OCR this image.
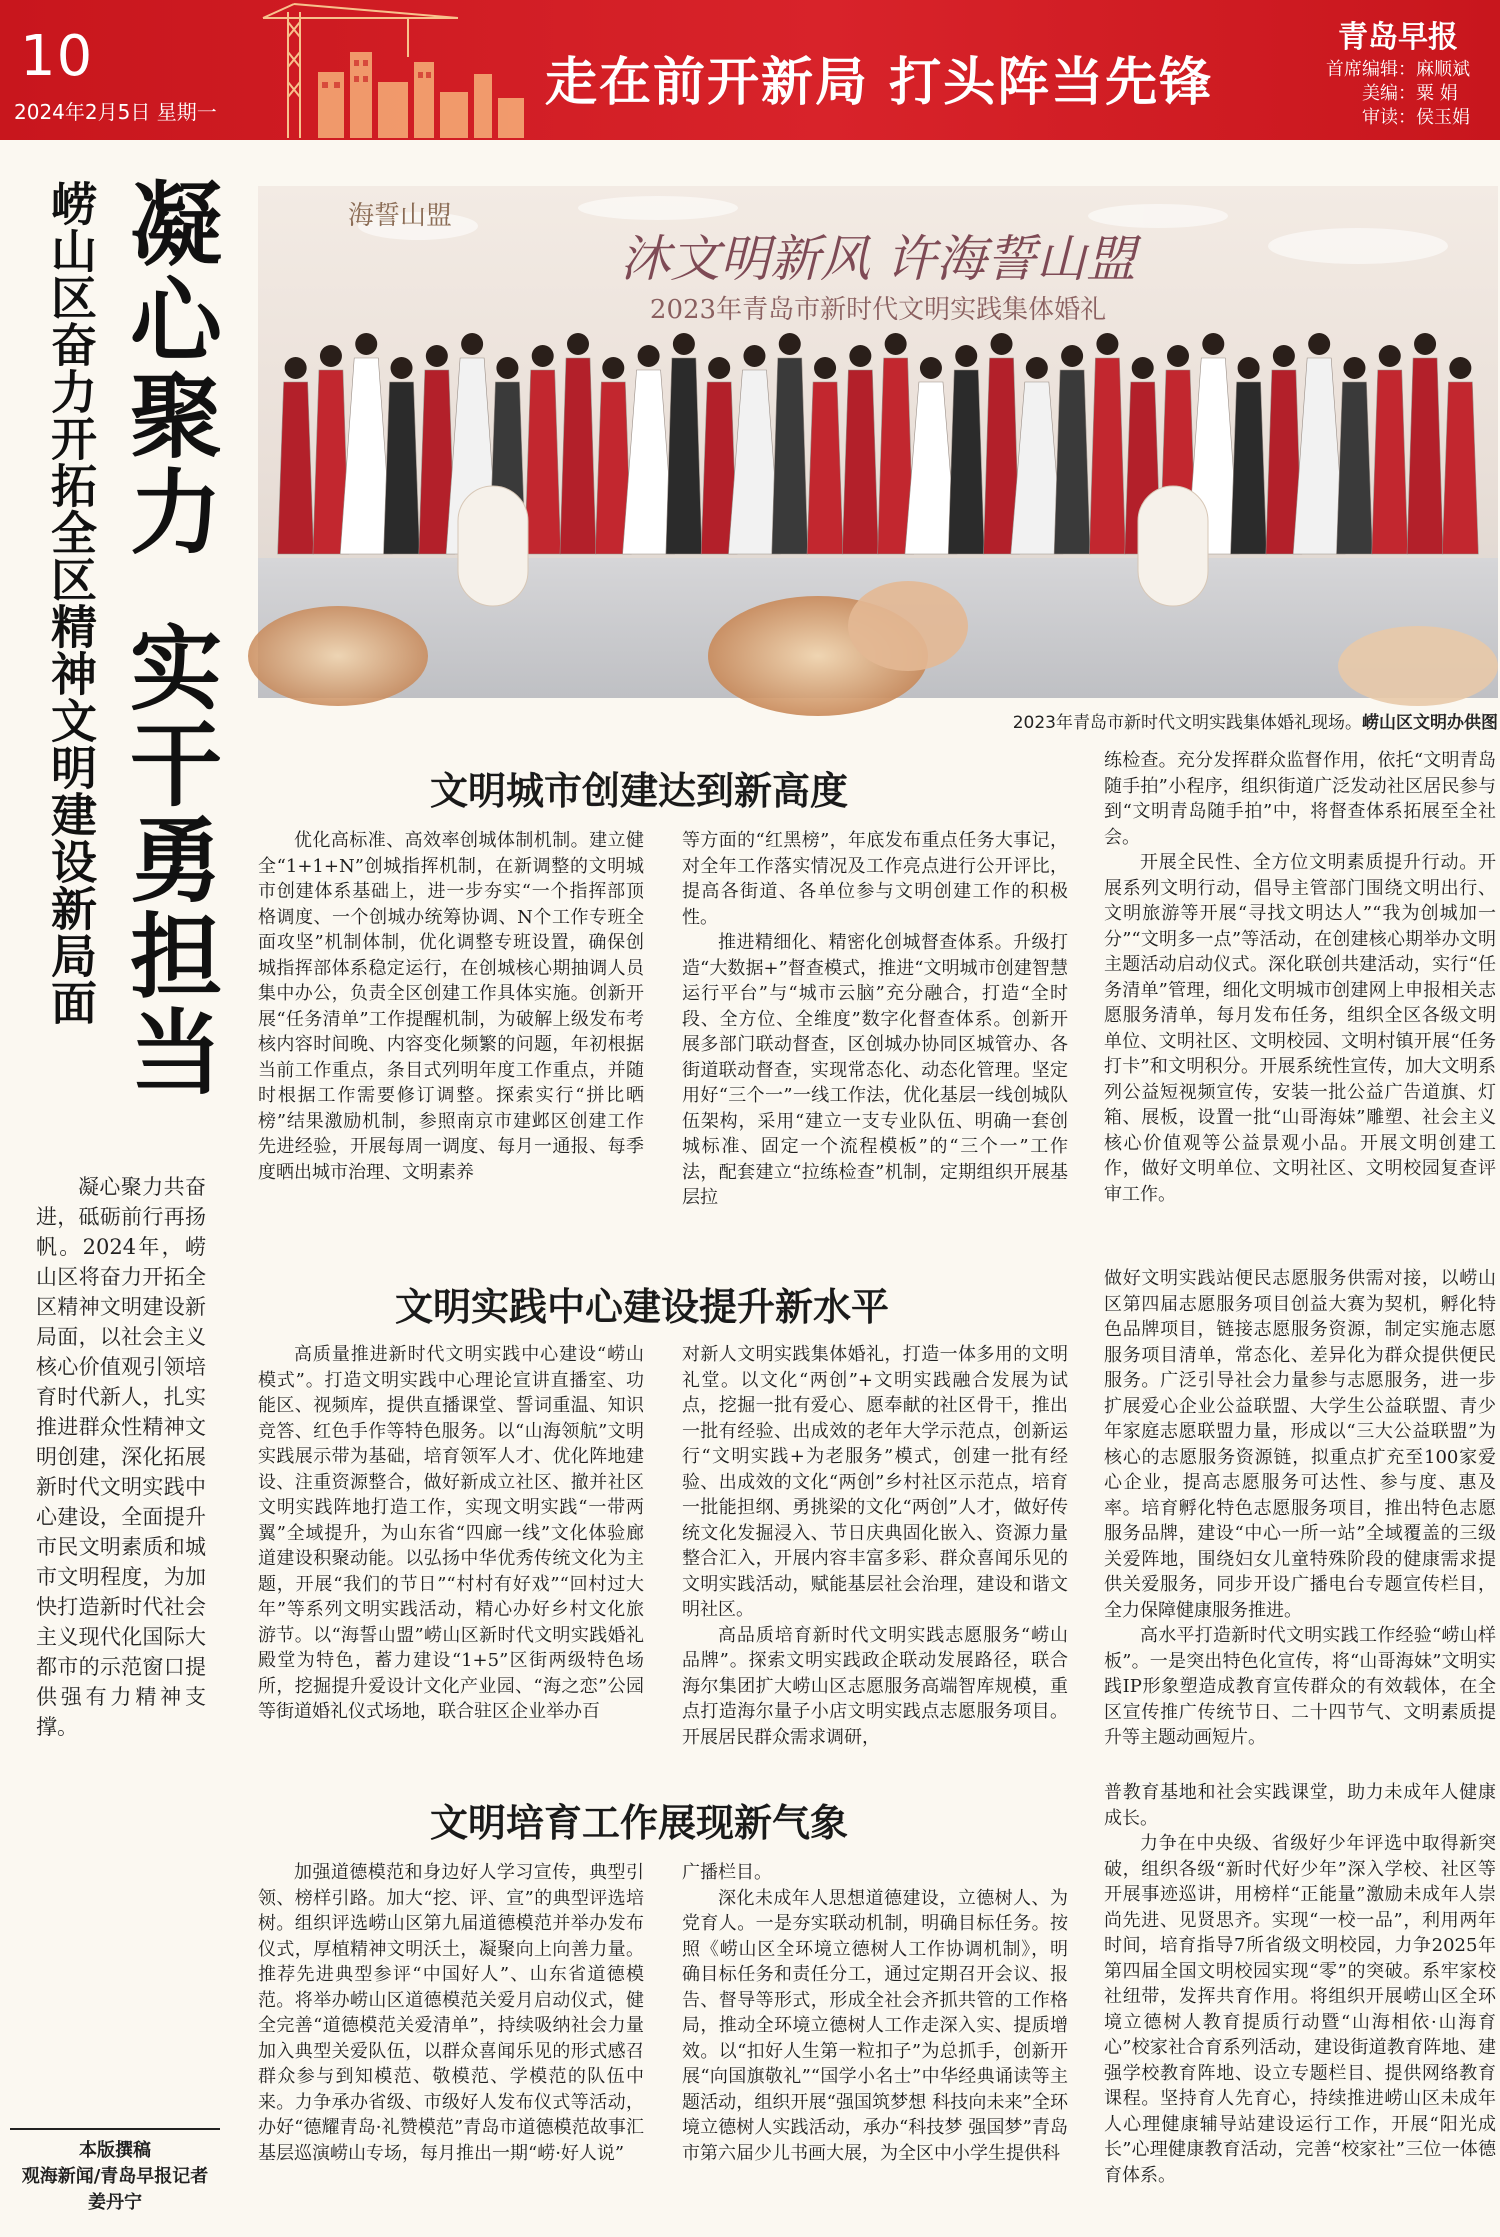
10
2024年2月5日 星期一	走在前开新局 打头阵当先锋
青岛早报
首席编辑：麻顺斌
美编：粟 娟
审读：侯玉娟
凝心聚力实干勇担当
崂山区奋力开拓全区精神文明建设新局面
凝心聚力共奋进，砥砺前行再扬帆。2024年，崂山区将奋力开拓全区精神文明建设新局面，以社会主义核心价值观引领培育时代新人，扎实推进群众性精神文明创建，深化拓展新时代文明实践中心建设，全面提升市民文明素质和城市文明程度，为加快打造新时代社会主义现代化国际大都市的示范窗口提供强有力精神支撑。
本版撰稿
观海新闻/青岛早报记者
姜丹宁
海誓山盟
沐文明新风 许海誓山盟
2023年青岛市新时代文明实践集体婚礼
2023年青岛市新时代文明实践集体婚礼现场。崂山区文明办供图
文明城市创建达到新高度

优化高标准、高效率创城体制机制。建立健全“1+1+N”创城指挥机制，在新调整的文明城市创建体系基础上，进一步夯实“一个指挥部顶格调度、一个创城办统筹协调、N个工作专班全面攻坚”机制体制，优化调整专班设置，确保创城指挥部体系稳定运行，在创城核心期抽调人员集中办公，负责全区创建工作具体实施。创新开展“任务清单”工作提醒机制，为破解上级发布考核内容时间晚、内容变化频繁的问题，年初根据当前工作重点，条目式列明年度工作重点，并随时根据工作需要修订调整。探索实行“拼比晒榜”结果激励机制，参照南京市建邺区创建工作先进经验，开展每周一调度、每月一通报、每季度晒出城市治理、文明素养

等方面的“红黑榜”，年底发布重点任务大事记，对全年工作落实情况及工作亮点进行公开评比，提高各街道、各单位参与文明创建工作的积极性。

推进精细化、精密化创城督查体系。升级打造“大数据+”督查模式，推进“文明城市创建智慧运行平台”与“城市云脑”充分融合，打造“全时段、全方位、全维度”数字化督查体系。创新开展多部门联动督查，区创城办协同区城管办、各街道联动督查，实现常态化、动态化管理。坚定用好“三个一”一线工作法，优化基层一线创城队伍架构，采用“建立一支专业队伍、明确一套创城标准、固定一个流程模板”的“三个一”工作法，配套建立“拉练检查”机制，定期组织开展基层拉

练检查。充分发挥群众监督作用，依托“文明青岛随手拍”小程序，组织街道广泛发动社区居民参与到“文明青岛随手拍”中，将督查体系拓展至全社会。

开展全民性、全方位文明素质提升行动。开展系列文明行动，倡导主管部门围绕文明出行、文明旅游等开展“寻找文明达人”“我为创城加一分”“文明多一点”等活动，在创建核心期举办文明主题活动启动仪式。深化联创共建活动，实行“任务清单”管理，细化文明城市创建网上申报相关志愿服务清单，每月发布任务，组织全区各级文明单位、文明社区、文明校园、文明村镇开展“任务打卡”和文明积分。开展系统性宣传，加大文明系列公益短视频宣传，安装一批公益广告道旗、灯箱、展板，设置一批“山哥海妹”雕塑、社会主义核心价值观等公益景观小品。开展文明创建工作，做好文明单位、文明社区、文明校园复查评审工作。

文明实践中心建设提升新水平

高质量推进新时代文明实践中心建设“崂山模式”。打造文明实践中心理论宣讲直播室、功能区、视频库，提供直播课堂、誓词重温、知识竞答、红色手作等特色服务。以“山海领航”文明实践展示带为基础，培育领军人才、优化阵地建设、注重资源整合，做好新成立社区、撤并社区文明实践阵地打造工作，实现文明实践“一带两翼”全域提升，为山东省“四廊一线”文化体验廊道建设积聚动能。以弘扬中华优秀传统文化为主题，开展“我们的节日”“村村有好戏”“回村过大年”等系列文明实践活动，精心办好乡村文化旅游节。以“海誓山盟”崂山区新时代文明实践婚礼殿堂为特色，蓄力建设“1+5”区街两级特色场所，挖掘提升爱设计文化产业园、“海之恋”公园等街道婚礼仪式场地，联合驻区企业举办百

对新人文明实践集体婚礼，打造一体多用的文明礼堂。以文化“两创”+文明实践融合发展为试点，挖掘一批有爱心、愿奉献的社区骨干，推出一批有经验、出成效的老年大学示范点，创新运行“文明实践+为老服务”模式，创建一批有经验、出成效的文化“两创”乡村社区示范点，培育一批能担纲、勇挑梁的文化“两创”人才，做好传统文化发掘浸入、节日庆典固化嵌入、资源力量整合汇入，开展内容丰富多彩、群众喜闻乐见的文明实践活动，赋能基层社会治理，建设和谐文明社区。

高品质培育新时代文明实践志愿服务“崂山品牌”。探索文明实践政企联动发展路径，联合海尔集团扩大崂山区志愿服务高端智库规模，重点打造海尔量子小店文明实践点志愿服务项目。开展居民群众需求调研，

做好文明实践站便民志愿服务供需对接，以崂山区第四届志愿服务项目创益大赛为契机，孵化特色品牌项目，链接志愿服务资源，制定实施志愿服务项目清单，常态化、差异化为群众提供便民服务。广泛引导社会力量参与志愿服务，进一步扩展爱心企业公益联盟、大学生公益联盟、青少年家庭志愿联盟力量，形成以“三大公益联盟”为核心的志愿服务资源链，拟重点扩充至100家爱心企业，提高志愿服务可达性、参与度、惠及率。培育孵化特色志愿服务项目，推出特色志愿服务品牌，建设“中心一所一站”全域覆盖的三级关爱阵地，围绕妇女儿童特殊阶段的健康需求提供关爱服务，同步开设广播电台专题宣传栏目，全力保障健康服务推进。

高水平打造新时代文明实践工作经验“崂山样板”。一是突出特色化宣传，将“山哥海妹”文明实践IP形象塑造成教育宣传群众的有效载体，在全区宣传推广传统节日、二十四节气、文明素质提升等主题动画短片。

文明培育工作展现新气象

加强道德模范和身边好人学习宣传，典型引领、榜样引路。加大“挖、评、宣”的典型评选培树。组织评选崂山区第九届道德模范并举办发布仪式，厚植精神文明沃土，凝聚向上向善力量。推荐先进典型参评“中国好人”、山东省道德模范。将举办崂山区道德模范关爱月启动仪式，健全完善“道德模范关爱清单”，持续吸纳社会力量加入典型关爱队伍，以群众喜闻乐见的形式感召群众参与到知模范、敬模范、学模范的队伍中来。力争承办省级、市级好人发布仪式等活动，办好“德耀青岛·礼赞模范”青岛市道德模范故事汇基层巡演崂山专场，每月推出一期“崂·好人说”

广播栏目。

深化未成年人思想道德建设，立德树人、为党育人。一是夯实联动机制，明确目标任务。按照《崂山区全环境立德树人工作协调机制》，明确目标任务和责任分工，通过定期召开会议、报告、督导等形式，形成全社会齐抓共管的工作格局，推动全环境立德树人工作走深入实、提质增效。以“扣好人生第一粒扣子”为总抓手，创新开展“向国旗敬礼”“国学小名士”中华经典诵读等主题活动，组织开展“强国筑梦想 科技向未来”全环境立德树人实践活动，承办“科技梦 强国梦”青岛市第六届少儿书画大展，为全区中小学生提供科

普教育基地和社会实践课堂，助力未成年人健康成长。

力争在中央级、省级好少年评选中取得新突破，组织各级“新时代好少年”深入学校、社区等开展事迹巡讲，用榜样“正能量”激励未成年人崇尚先进、见贤思齐。实现“一校一品”，利用两年时间，培育指导7所省级文明校园，力争2025年第四届全国文明校园实现“零”的突破。系牢家校社纽带，发挥共育作用。将组织开展崂山区全环境立德树人教育提质行动暨“山海相依·山海育心”校家社合育系列活动，建设街道教育阵地、建强学校教育阵地、设立专题栏目、提供网络教育课程。坚持育人先育心，持续推进崂山区未成年人心理健康辅导站建设运行工作，开展“阳光成长”心理健康教育活动，完善“校家社”三位一体德育体系。
